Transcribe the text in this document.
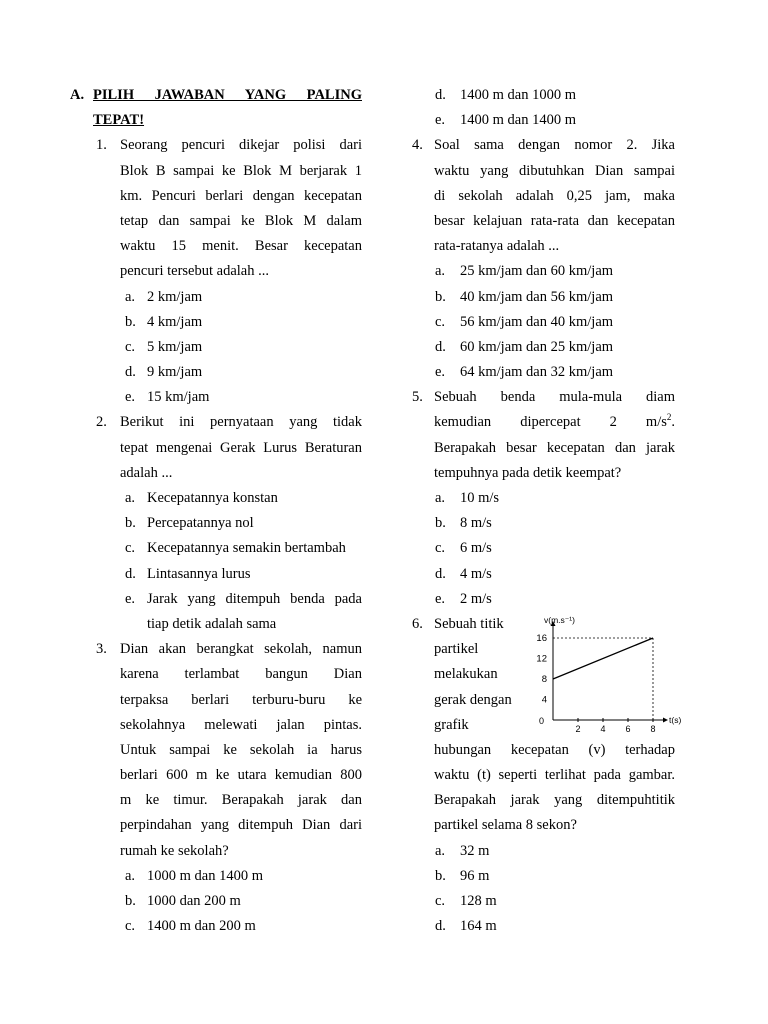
A. PILIH JAWABAN YANG PALING
TEPAT!
1. Seorang pencuri dikejar polisi dari
Blok B sampai ke Blok M berjarak 1
km. Pencuri berlari dengan kecepatan
tetap dan sampai ke Blok M dalam
waktu 15 menit. Besar kecepatan
pencuri tersebut adalah ...
a. 2 km/jam
b. 4 km/jam
c. 5 km/jam
d. 9 km/jam
e. 15 km/jam
2. Berikut ini pernyataan yang tidak
tepat mengenai Gerak Lurus Beraturan
adalah ...
a. Kecepatannya konstan
b. Percepatannya nol
c. Kecepatannya semakin bertambah
d. Lintasannya lurus
e. Jarak yang ditempuh benda pada
tiap detik adalah sama
3. Dian akan berangkat sekolah, namun
karena terlambat bangun Dian
terpaksa berlari terburu-buru ke
sekolahnya melewati jalan pintas.
Untuk sampai ke sekolah ia harus
berlari 600 m ke utara kemudian 800
m ke timur. Berapakah jarak dan
perpindahan yang ditempuh Dian dari
rumah ke sekolah?
a. 1000 m dan 1400 m
b. 1000 dan 200 m
c. 1400 m dan 200 m
d. 1400 m dan 1000 m
e. 1400 m dan 1400 m
4. Soal sama dengan nomor 2. Jika
waktu yang dibutuhkan Dian sampai
di sekolah adalah 0,25 jam, maka
besar kelajuan rata-rata dan kecepatan
rata-ratanya adalah ...
a. 25 km/jam dan 60 km/jam
b. 40 km/jam dan 56 km/jam
c. 56 km/jam dan 40 km/jam
d. 60 km/jam dan 25 km/jam
e. 64 km/jam dan 32 km/jam
5. Sebuah benda mula-mula diam
kemudian dipercepat 2 $m/s^2$.
Berapakah besar kecepatan dan jarak
tempuhnya pada detik keempat?
a. 10 m/s
b. 8 m/s
c. 6 m/s
d. 4 m/s
e. 2 m/s
6. Sebuah titik
partikel
melakukan
gerak dengan
grafik
hubungan kecepatan (v) terhadap
waktu (t) seperti terlihat pada gambar.
Berapakah jarak yang ditempuhtitik
partikel selama 8 sekon?
a. 32 m
b. 96 m
c. 128 m
d. 164 m
v(m.s⁻¹)
t(s)
0
2 4 6 8
4
8
12
16
